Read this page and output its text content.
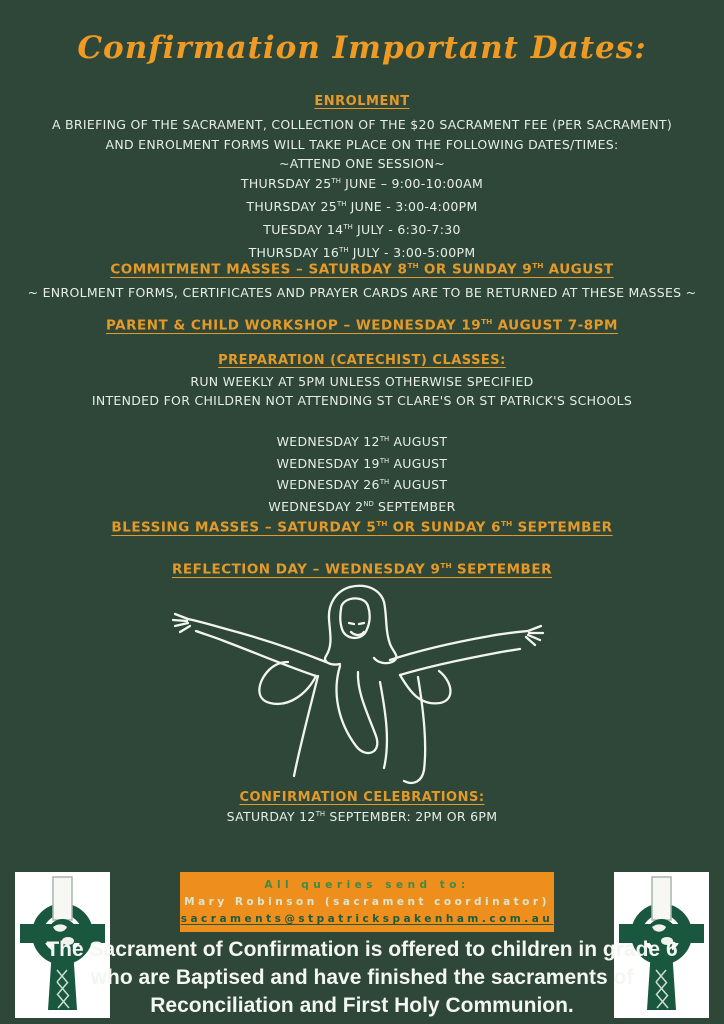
Confirmation Important Dates:
ENROLMENT
A BRIEFING OF THE SACRAMENT, COLLECTION OF THE $20 SACRAMENT FEE (PER SACRAMENT)
AND ENROLMENT FORMS WILL TAKE PLACE ON THE FOLLOWING DATES/TIMES:
~ATTEND ONE SESSION~
THURSDAY 25TH JUNE – 9:00-10:00AM
THURSDAY 25TH JUNE - 3:00-4:00PM
TUESDAY 14TH JULY - 6:30-7:30
THURSDAY 16TH JULY - 3:00-5:00PM
COMMITMENT MASSES – SATURDAY 8TH OR SUNDAY 9TH AUGUST
~ ENROLMENT FORMS, CERTIFICATES AND PRAYER CARDS ARE TO BE RETURNED AT THESE MASSES ~
PARENT & CHILD WORKSHOP – WEDNESDAY 19TH AUGUST 7-8PM
PREPARATION (CATECHIST) CLASSES:
RUN WEEKLY AT 5PM UNLESS OTHERWISE SPECIFIED
INTENDED FOR CHILDREN NOT ATTENDING ST CLARE'S OR ST PATRICK'S SCHOOLS
WEDNESDAY 12TH AUGUST
WEDNESDAY 19TH AUGUST
WEDNESDAY 26TH AUGUST
WEDNESDAY 2ND SEPTEMBER
BLESSING MASSES – SATURDAY 5TH OR SUNDAY 6TH SEPTEMBER
REFLECTION DAY – WEDNESDAY 9TH SEPTEMBER
CONFIRMATION CELEBRATIONS:
SATURDAY 12TH SEPTEMBER: 2PM OR 6PM
All queries send to:
Mary Robinson (sacrament coordinator)
sacraments@stpatrickspakenham.com.au
The Sacrament of Confirmation is offered to children in grade 6
who are Baptised and have finished the sacraments of
Reconciliation and First Holy Communion.
